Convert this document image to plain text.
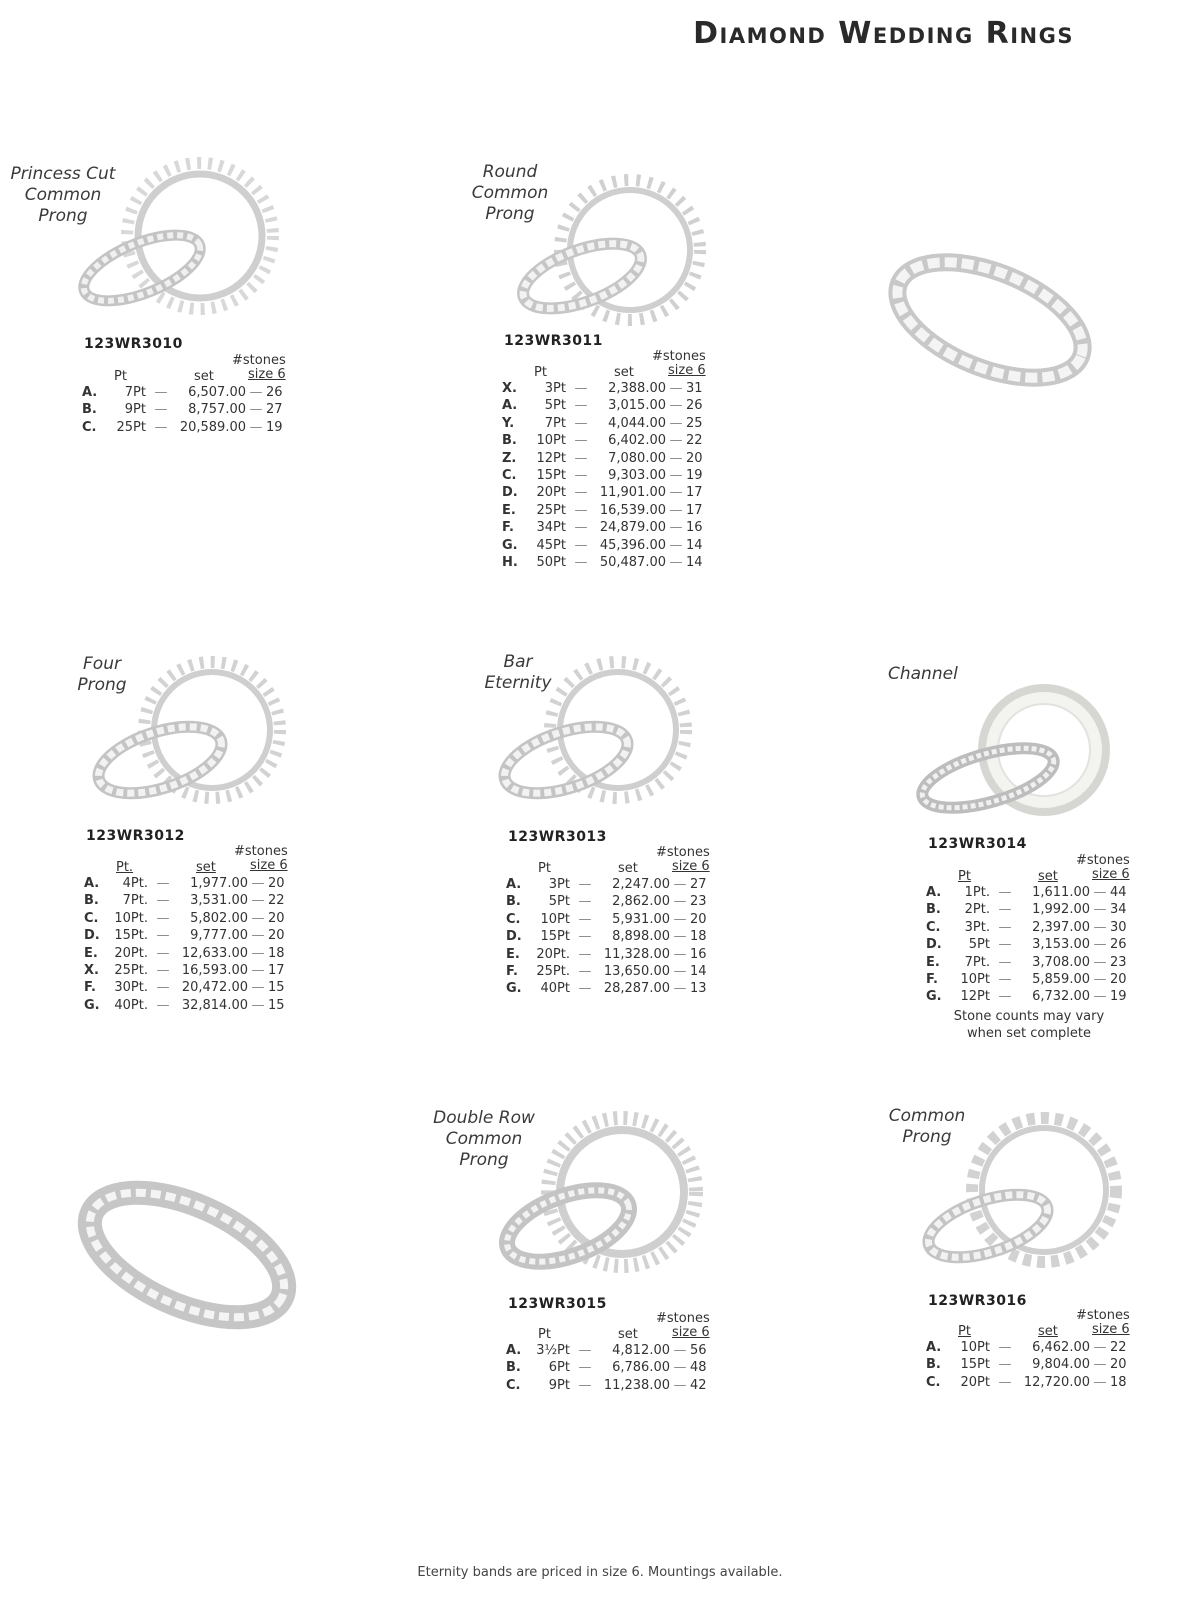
Diamond Wedding Rings
Princess Cut
Common
Prong
Round
Common
Prong
Four
Prong
Bar
Eternity	Channel
Double Row
Common
Prong
Common
Prong
123WR3010	123WR3011
123WR3012	123WR3013	123WR3014
123WR3015	123WR3016
Pt	set
#stones
size 6
A.	7Pt	—	6,507.00	—	26
B.	9Pt	—	8,757.00	—	27
C.	25Pt	—	20,589.00	—	19
Pt	set
#stones
size 6
X.	3Pt	—	2,388.00	—	31
A.	5Pt	—	3,015.00	—	26
Y.	7Pt	—	4,044.00	—	25
B.	10Pt	—	6,402.00	—	22
Z.	12Pt	—	7,080.00	—	20
C.	15Pt	—	9,303.00	—	19
D.	20Pt	—	11,901.00	—	17
E.	25Pt	—	16,539.00	—	17
F.	34Pt	—	24,879.00	—	16
G.	45Pt	—	45,396.00	—	14
H.	50Pt	—	50,487.00	—	14
Pt.	set
#stones
size 6
A.	4Pt.	—	1,977.00	—	20
B.	7Pt.	—	3,531.00	—	22
C.	10Pt.	—	5,802.00	—	20
D.	15Pt.	—	9,777.00	—	20
E.	20Pt.	—	12,633.00	—	18
X.	25Pt.	—	16,593.00	—	17
F.	30Pt.	—	20,472.00	—	15
G.	40Pt.	—	32,814.00	—	15
Pt	set
#stones
size 6
A.	3Pt	—	2,247.00	—	27
B.	5Pt	—	2,862.00	—	23
C.	10Pt	—	5,931.00	—	20
D.	15Pt	—	8,898.00	—	18
E.	20Pt.	—	11,328.00	—	16
F.	25Pt.	—	13,650.00	—	14
G.	40Pt	—	28,287.00	—	13
Pt	set
#stones
size 6
A.	1Pt.	—	1,611.00	—	44
B.	2Pt.	—	1,992.00	—	34
C.	3Pt.	—	2,397.00	—	30
D.	5Pt	—	3,153.00	—	26
E.	7Pt.	—	3,708.00	—	23
F.	10Pt	—	5,859.00	—	20
G.	12Pt	—	6,732.00	—	19
Stone counts may vary
when set complete
Pt	set
#stones
size 6
A.	3½Pt	—	4,812.00	—	56
B.	6Pt	—	6,786.00	—	48
C.	9Pt	—	11,238.00	—	42
Pt	set
#stones
size 6
A.	10Pt	—	6,462.00	—	22
B.	15Pt	—	9,804.00	—	20
C.	20Pt	—	12,720.00	—	18
Eternity bands are priced in size 6. Mountings available.
